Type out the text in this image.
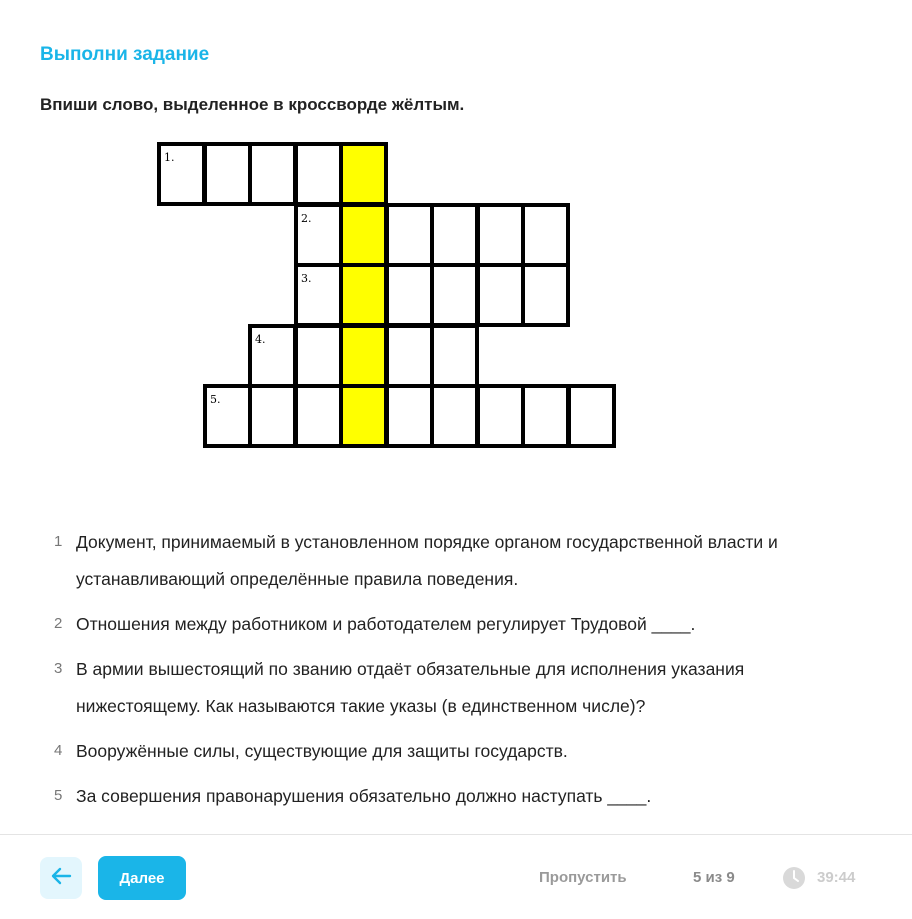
Выполни задание
Впиши слово, выделенное в кроссворде жёлтым.
1.
2.
3.
4.
5.
1 Документ, принимаемый в установленном порядке органом государственной власти и устанавливающий определённые правила поведения.
2 Отношения между работником и работодателем регулирует Трудовой ____.
3 В армии вышестоящий по званию отдаёт обязательные для исполнения указания нижестоящему. Как называются такие указы (в единственном числе)?
4 Вооружённые силы, существующие для защиты государств.
5 За совершения правонарушения обязательно должно наступать ____.
Далее	Пропустить	5 из 9	39:44
